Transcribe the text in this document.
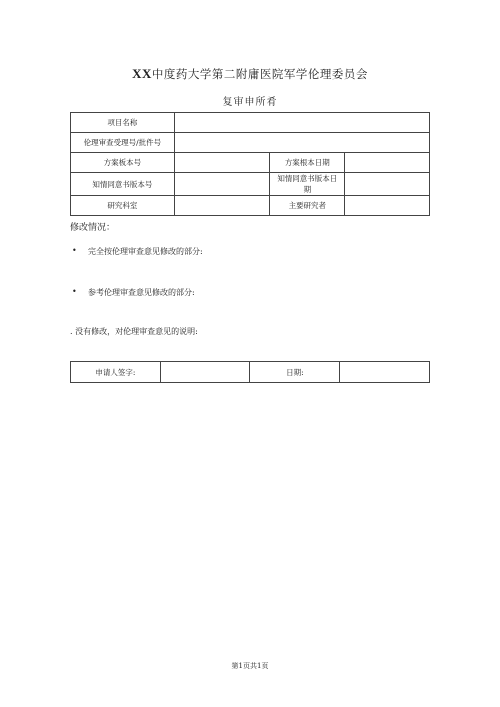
XX中度药大学第二附庸医院军学伦理委员会
复审申所肴
项目名称			
伦理审查受理号/批件号			
方案板本号		方案根本日期	
知情同意书版本号		知情同意书版本日期	
研究科室		主要研究者	
修改情况：
• 完全按伦理审查意见修改的部分:
• 参考伦理审查意见修改的部分:
. 没有修改，对伦理审查意见的说明:
申请人签字:		日期:	
第1页共1页
